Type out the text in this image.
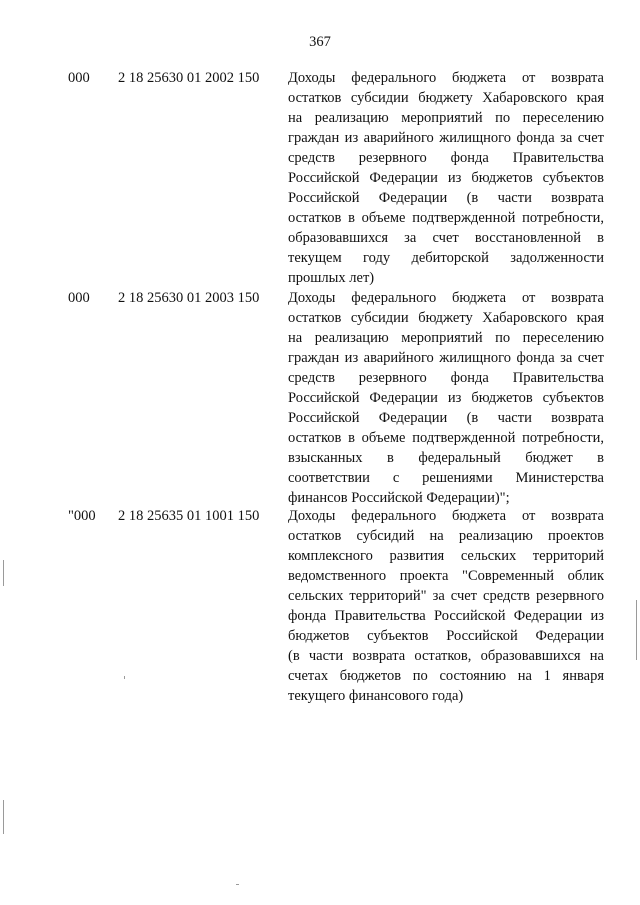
367
000 2 18 25630 01 2002 150 Доходы федерального бюджета от возврата
остатков субсидии бюджету Хабаровского края
на реализацию мероприятий по переселению
граждан из аварийного жилищного фонда за счет
средств резервного фонда Правительства
Российской Федерации из бюджетов субъектов
Российской Федерации (в части возврата
остатков в объеме подтвержденной потребности,
образовавшихся за счет восстановленной в
текущем году дебиторской задолженности
прошлых лет)
000 2 18 25630 01 2003 150 Доходы федерального бюджета от возврата
остатков субсидии бюджету Хабаровского края
на реализацию мероприятий по переселению
граждан из аварийного жилищного фонда за счет
средств резервного фонда Правительства
Российской Федерации из бюджетов субъектов
Российской Федерации (в части возврата
остатков в объеме подтвержденной потребности,
взысканных в федеральный бюджет в
соответствии с решениями Министерства
финансов Российской Федерации)";
"000 2 18 25635 01 1001 150 Доходы федерального бюджета от возврата
остатков субсидий на реализацию проектов
комплексного развития сельских территорий
ведомственного проекта "Современный облик
сельских территорий" за счет средств резервного
фонда Правительства Российской Федерации из
бюджетов субъектов Российской Федерации
(в части возврата остатков, образовавшихся на
счетах бюджетов по состоянию на 1 января
текущего финансового года)
